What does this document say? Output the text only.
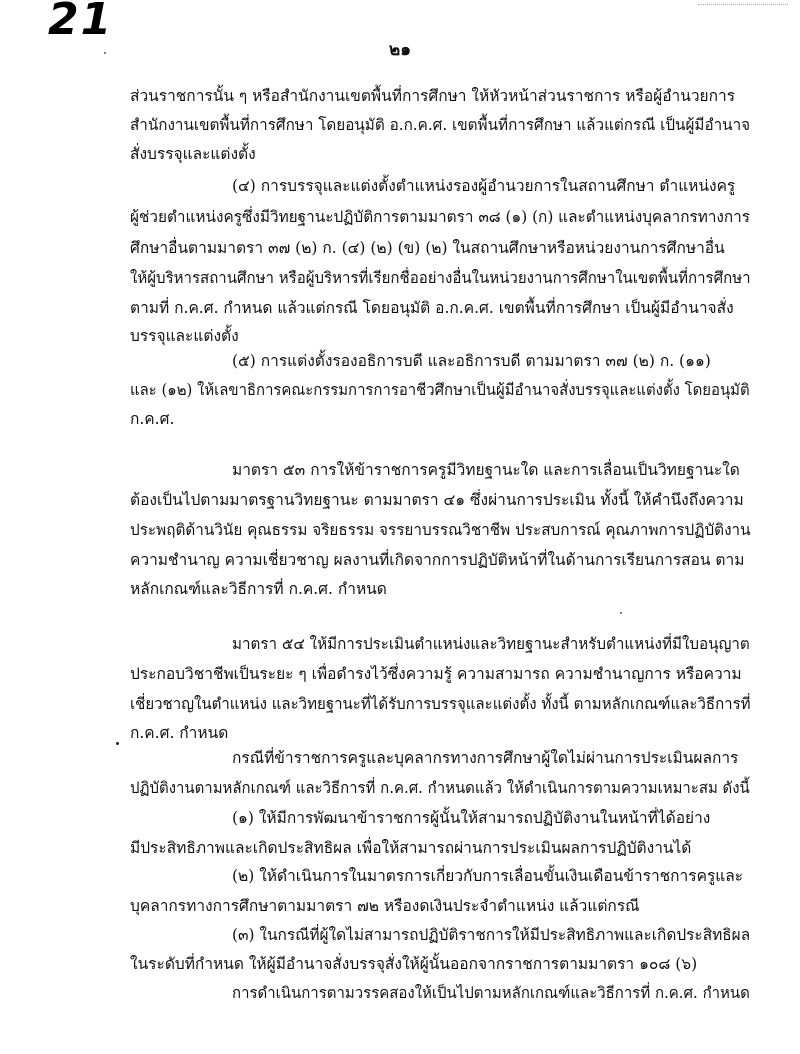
21
๒๑
ส่วนราชการนั้น ๆ หรือสำนักงานเขตพื้นที่การศึกษา ให้หัวหน้าส่วนราชการ หรือผู้อำนวยการ
สำนักงานเขตพื้นที่การศึกษา โดยอนุมัติ อ.ก.ค.ศ. เขตพื้นที่การศึกษา แล้วแต่กรณี เป็นผู้มีอำนาจ
สั่งบรรจุและแต่งตั้ง
(๔) การบรรจุและแต่งตั้งตำแหน่งรองผู้อำนวยการในสถานศึกษา ตำแหน่งครู
ผู้ช่วยตำแหน่งครูซึ่งมีวิทยฐานะปฏิบัติการตามมาตรา ๓๘ (๑) (ก) และตำแหน่งบุคลากรทางการ
ศึกษาอื่นตามมาตรา ๓๗ (๒) ก. (๔) (๒) (ข) (๒) ในสถานศึกษาหรือหน่วยงานการศึกษาอื่น
ให้ผู้บริหารสถานศึกษา หรือผู้บริหารที่เรียกชื่ออย่างอื่นในหน่วยงานการศึกษาในเขตพื้นที่การศึกษา
ตามที่ ก.ค.ศ. กำหนด แล้วแต่กรณี โดยอนุมัติ อ.ก.ค.ศ. เขตพื้นที่การศึกษา เป็นผู้มีอำนาจสั่ง
บรรจุและแต่งตั้ง
(๕) การแต่งตั้งรองอธิการบดี และอธิการบดี ตามมาตรา ๓๗ (๒) ก. (๑๑)
และ (๑๒) ให้เลขาธิการคณะกรรมการการอาชีวศึกษาเป็นผู้มีอำนาจสั่งบรรจุและแต่งตั้ง โดยอนุมัติ
ก.ค.ศ.
มาตรา ๕๓ การให้ข้าราชการครูมีวิทยฐานะใด และการเลื่อนเป็นวิทยฐานะใด
ต้องเป็นไปตามมาตรฐานวิทยฐานะ ตามมาตรา ๔๑ ซึ่งผ่านการประเมิน ทั้งนี้ ให้คำนึงถึงความ
ประพฤติด้านวินัย คุณธรรม จริยธรรม จรรยาบรรณวิชาชีพ ประสบการณ์ คุณภาพการปฏิบัติงาน
ความชำนาญ ความเชี่ยวชาญ ผลงานที่เกิดจากการปฏิบัติหน้าที่ในด้านการเรียนการสอน ตาม
หลักเกณฑ์และวิธีการที่ ก.ค.ศ. กำหนด
มาตรา ๕๔ ให้มีการประเมินตำแหน่งและวิทยฐานะสำหรับตำแหน่งที่มีใบอนุญาต
ประกอบวิชาชีพเป็นระยะ ๆ เพื่อดำรงไว้ซึ่งความรู้ ความสามารถ ความชำนาญการ หรือความ
เชี่ยวชาญในตำแหน่ง และวิทยฐานะที่ได้รับการบรรจุและแต่งตั้ง ทั้งนี้ ตามหลักเกณฑ์และวิธีการที่
ก.ค.ศ. กำหนด
กรณีที่ข้าราชการครูและบุคลากรทางการศึกษาผู้ใดไม่ผ่านการประเมินผลการ
ปฏิบัติงานตามหลักเกณฑ์ และวิธีการที่ ก.ค.ศ. กำหนดแล้ว ให้ดำเนินการตามความเหมาะสม ดังนี้
(๑) ให้มีการพัฒนาข้าราชการผู้นั้นให้สามารถปฏิบัติงานในหน้าที่ได้อย่าง
มีประสิทธิภาพและเกิดประสิทธิผล เพื่อให้สามารถผ่านการประเมินผลการปฏิบัติงานได้
(๒) ให้ดำเนินการในมาตรการเกี่ยวกับการเลื่อนขั้นเงินเดือนข้าราชการครูและ
บุคลากรทางการศึกษาตามมาตรา ๗๒ หรืองดเงินประจำตำแหน่ง แล้วแต่กรณี
(๓) ในกรณีที่ผู้ใดไม่สามารถปฏิบัติราชการให้มีประสิทธิภาพและเกิดประสิทธิผล
ในระดับที่กำหนด ให้ผู้มีอำนาจสั่งบรรจุสั่งให้ผู้นั้นออกจากราชการตามมาตรา ๑๐๘ (๖)
การดำเนินการตามวรรคสองให้เป็นไปตามหลักเกณฑ์และวิธีการที่ ก.ค.ศ. กำหนด
